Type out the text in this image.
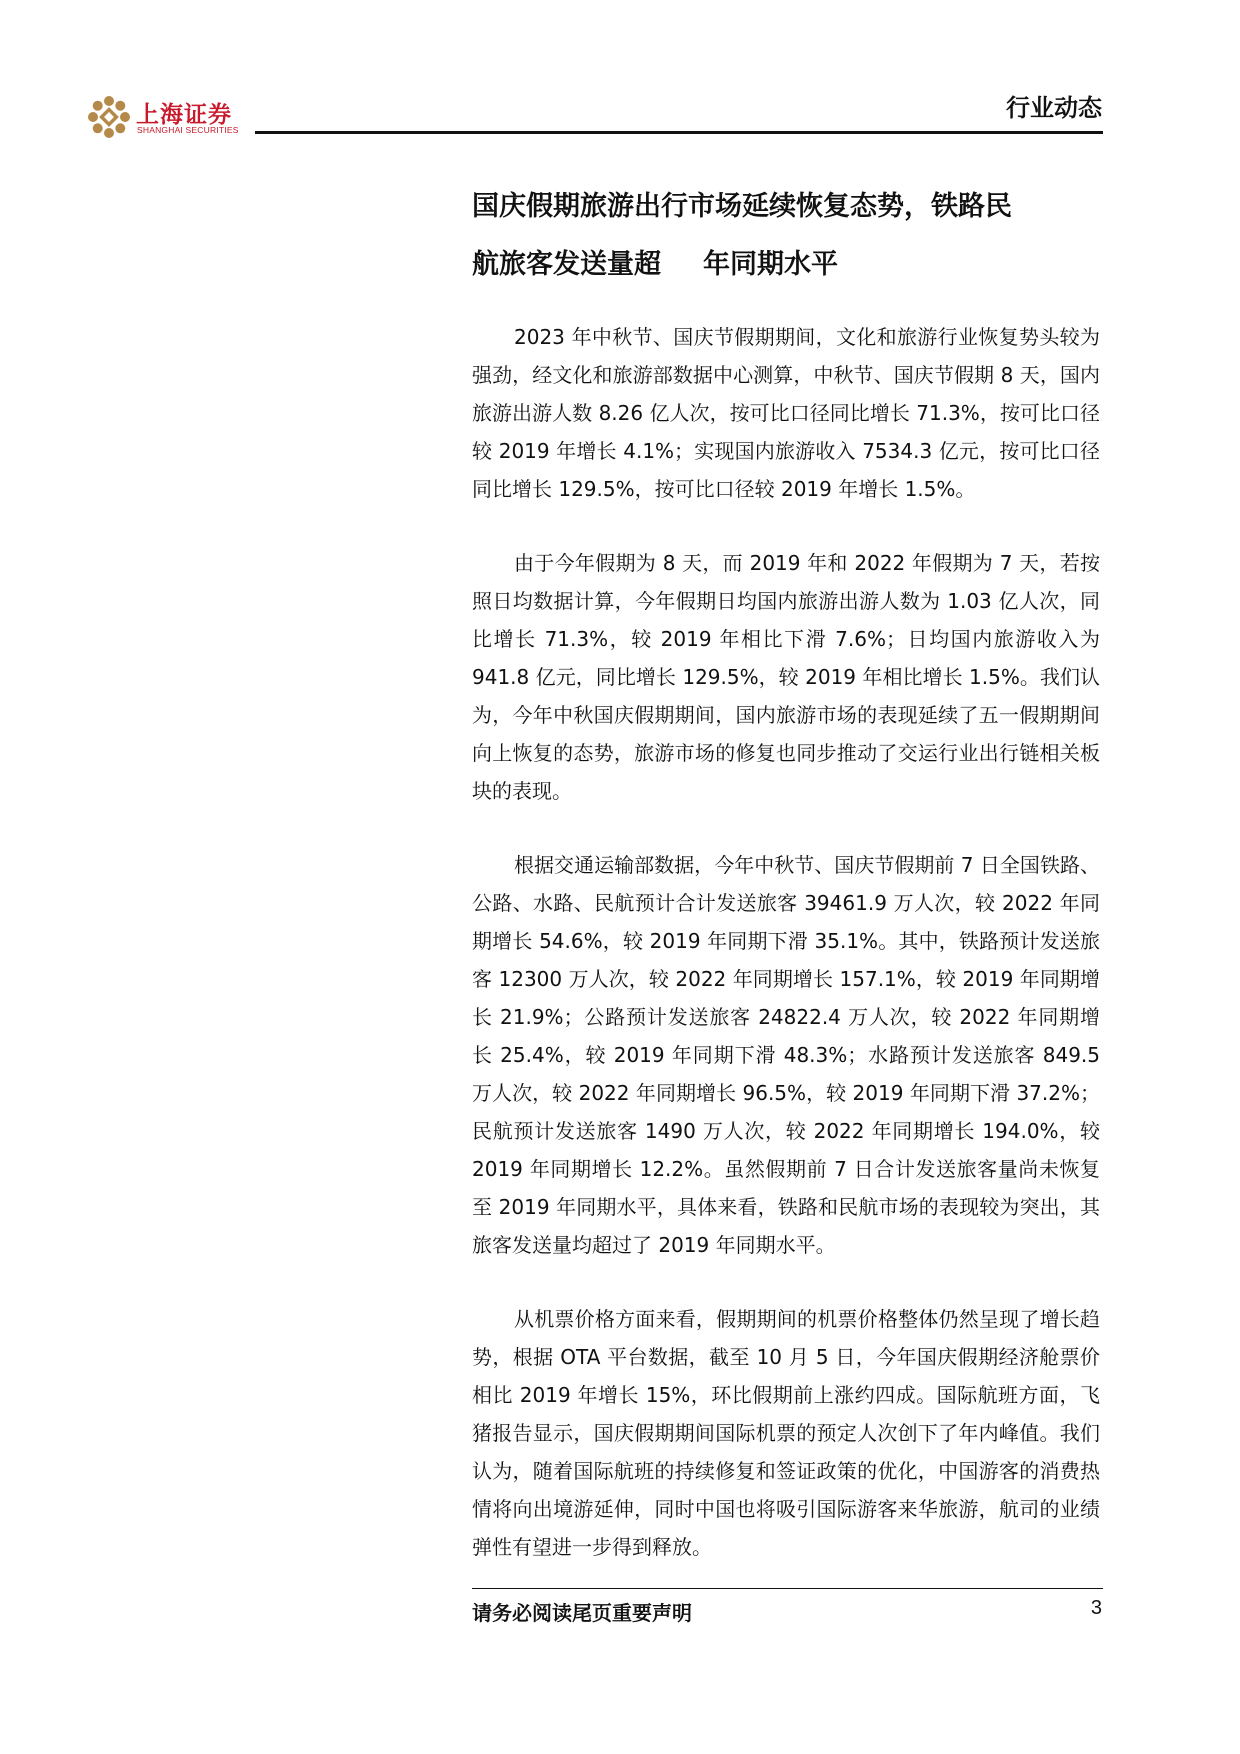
上海证券
SHANGHAI SECURITIES
行业动态
国庆假期旅游出行市场延续恢复态势，铁路民
航旅客发送量超 年同期水平

2023 年中秋节、国庆节假期期间，文化和旅游行业恢复势头较为强劲，经文化和旅游部数据中心测算，中秋节、国庆节假期 8 天，国内旅游出游人数 8.26 亿人次，按可比口径同比增长 71.3%，按可比口径较 2019 年增长 4.1%；实现国内旅游收入 7534.3 亿元，按可比口径同比增长 129.5%，按可比口径较 2019 年增长 1.5%。

由于今年假期为 8 天，而 2019 年和 2022 年假期为 7 天，若按照日均数据计算，今年假期日均国内旅游出游人数为 1.03 亿人次，同比增长 71.3%，较 2019 年相比下滑 7.6%；日均国内旅游收入为 941.8 亿元，同比增长 129.5%，较 2019 年相比增长 1.5%。我们认为，今年中秋国庆假期期间，国内旅游市场的表现延续了五一假期期间向上恢复的态势，旅游市场的修复也同步推动了交运行业出行链相关板块的表现。

根据交通运输部数据，今年中秋节、国庆节假期前 7 日全国铁路、公路、水路、民航预计合计发送旅客 39461.9 万人次，较 2022 年同期增长 54.6%，较 2019 年同期下滑 35.1%。其中，铁路预计发送旅客 12300 万人次，较 2022 年同期增长 157.1%，较 2019 年同期增长 21.9%；公路预计发送旅客 24822.4 万人次，较 2022 年同期增长 25.4%，较 2019 年同期下滑 48.3%；水路预计发送旅客 849.5 万人次，较 2022 年同期增长 96.5%，较 2019 年同期下滑 37.2%；民航预计发送旅客 1490 万人次，较 2022 年同期增长 194.0%，较 2019 年同期增长 12.2%。虽然假期前 7 日合计发送旅客量尚未恢复至 2019 年同期水平，具体来看，铁路和民航市场的表现较为突出，其旅客发送量均超过了 2019 年同期水平。

从机票价格方面来看，假期期间的机票价格整体仍然呈现了增长趋势，根据 OTA 平台数据，截至 10 月 5 日，今年国庆假期经济舱票价相比 2019 年增长 15%，环比假期前上涨约四成。国际航班方面，飞猪报告显示，国庆假期期间国际机票的预定人次创下了年内峰值。我们认为，随着国际航班的持续修复和签证政策的优化，中国游客的消费热情将向出境游延伸，同时中国也将吸引国际游客来华旅游，航司的业绩弹性有望进一步得到释放。

请务必阅读尾页重要声明	3
